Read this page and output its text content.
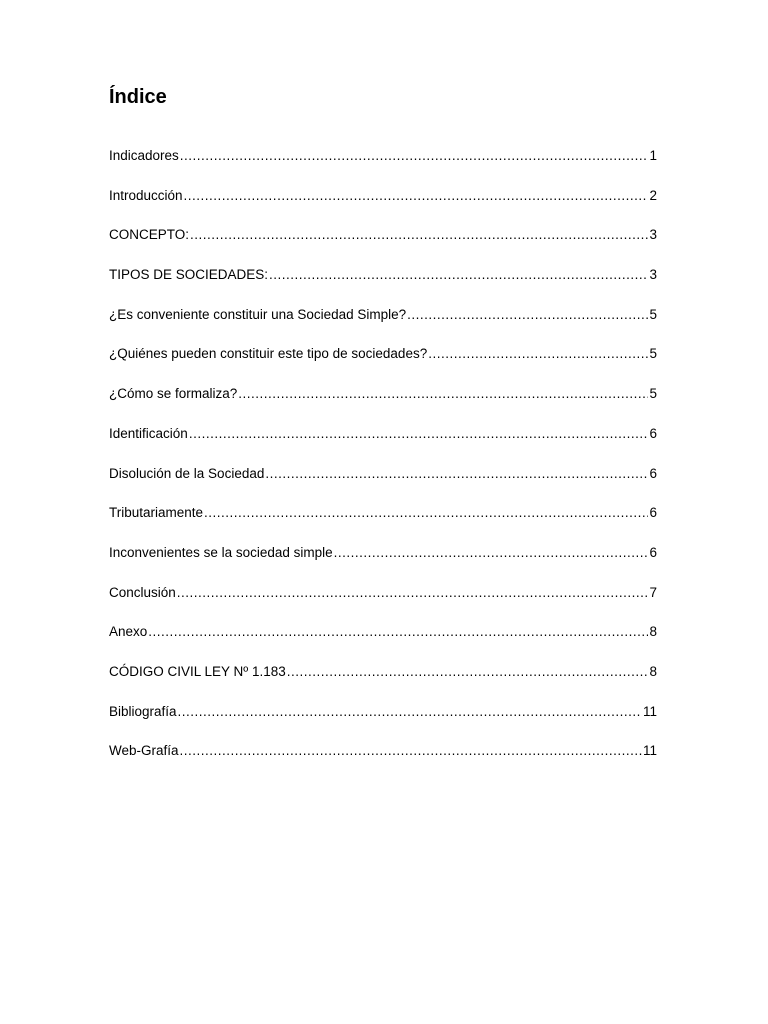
Índice
Indicadores .....	1
Introducción .....	2
CONCEPTO: .....	3
TIPOS DE SOCIEDADES: .....	3
¿Es conveniente constituir una Sociedad Simple? .....	5
¿Quiénes pueden constituir este tipo de sociedades? .....	5
¿Cómo se formaliza? .....	5
Identificación .....	6
Disolución de la Sociedad .....	6
Tributariamente .....	6
Inconvenientes se la sociedad simple .....	6
Conclusión .....	7
Anexo .....	8
CÓDIGO CIVIL LEY Nº 1.183 .....	8
Bibliografía .....	11
Web-Grafía .....	11
